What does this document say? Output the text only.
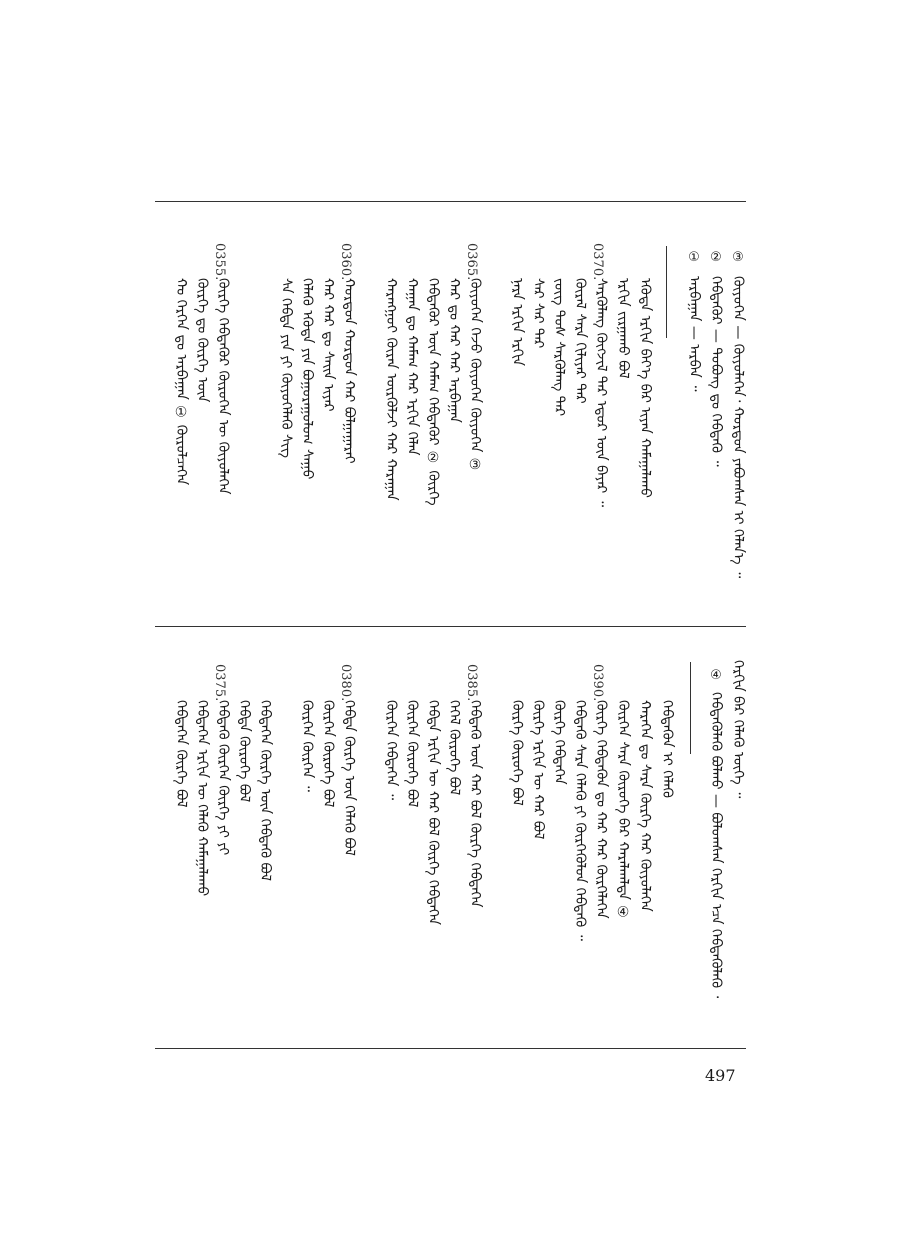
③
②
①
ᠭᠦᠶᠦᠭᠡᠨ — ᠭᠦᠶᠦᠯᠡᠭᠡᠨ᠂ ᠬᠤᠷᠳᠤᠨ ᠶᠠᠪᠤᠭᠰᠠᠨ ᠢ ᠬᠡᠯᠡᠨ᠎ᠡ ᠃
ᠬᠡᠪᠲᠡᠭᠦᠷ — ᠳᠣᠪᠣᠩ ᠳᠤ ᠬᠡᠪᠲᠡᠬᠦ ᠃
ᠠᠷᠪᠠᠭᠠᠨ — ᠠᠷᠪᠠᠨ ᠃
0370.
0365.
0360.
0355.
ᠡᠭᠦᠳᠡ ᠡᠷᠭᠢᠨ ᠪᠡᠶ᠎ᠡ ᠪᠡᠷ ᠢᠶᠠᠨ ᠬᠠᠮᠠᠭᠠᠯᠠᠬᠤ
ᠡᠷᠭᠢᠨ ᠵᠢᠷᠭᠠᠬᠤ ᠪᠣᠯ
ᠰᠡᠷᠭᠦᠯᠡᠩ ᠬᠥᠭᠵᠢᠯ ᠲᠡᠷ ᠡᠳᠦᠷ ᠦᠨ ᠪᠠᠶᠠᠷ ᠃
ᠬᠦᠷᠡᠯ ᠰᠠᠷᠠ ᠬᠢᠯᠢᠶᠠᠷ ᠲᠡᠷ
ᠵᠦᠭ ᠲᠣᠰ ᠰᠡᠷᠭᠦᠯᠡᠩ ᠲᠡᠷ
ᠰᠠᠷ ᠰᠠᠷ ᠲᠡᠷ
ᠨᠠᠷᠠ ᠡᠷᠭᠢᠨ ᠡᠷᠬᠢᠨ
ᠭᠦᠶᠦᠭᠡᠨ ᠭᠡᠵᠦ ᠭᠦᠶᠦᠭᠡᠨ ᠭᠦᠶᠦᠭᠡᠨ ③
ᠬᠠᠷ ᠳᠤ ᠬᠠᠷ ᠬᠠᠷ ᠠᠷᠪᠠᠭᠠᠨ
ᠬᠡᠪᠲᠡᠭᠦᠷ ᠦᠨ ᠬᠠᠮᠠᠭ ᠬᠡᠪᠲᠡᠭᠦᠷ ② ᠬᠦᠷᠭᠡ
ᠬᠠᠭᠠᠨ ᠳᠤ ᠬᠠᠮᠠᠭ ᠬᠠᠷ ᠡᠷᠭᠢᠨ ᠬᠡᠯᠡᠨ
ᠬᠠᠷᠠᠩᠭᠤᠢ ᠬᠦᠷᠡᠨ ᠦᠷᠭᠦᠯᠵᠢ ᠬᠠᠷ ᠬᠠᠷᠠᠭᠠᠨ
ᠬᠤᠷᠳᠤᠨ ᠬᠤᠷᠳᠤᠨ ᠬᠠᠷ ᠪᠣᠯᠭᠠᠭᠠᠷᠠᠢ
ᠬᠠᠷ ᠬᠠᠷ ᠳᠤ ᠰᠠᠢᠨ ᠢᠶᠠᠷ
ᠬᠡᠯᠡᠭᠦ ᠡᠭᠦᠳᠡ ᠶᠢᠨ ᠪᠣᠭᠣᠷᠠᠭᠤᠯᠤᠭ ᠰᠠᠭᠤ
ᠰᠠ ᠬᠡᠪᠲᠡ ᠶᠢᠨ ᠶᠢ ᠭᠦᠶᠦᠭᠡᠯᠡᠬᠦ ᠰᠢᠭ
ᠬᠦᠷᠭᠡ ᠬᠡᠪᠲᠡᠭᠦᠷ ᠬᠦᠷᠦᠭᠡᠨ ᠦ ᠭᠦᠶᠦᠯᠡᠭᠡᠨ
ᠬᠦᠷᠭᠡ ᠳᠤ ᠬᠦᠷᠭᠡ ᠦᠨ
ᠬᠤ ᠬᠡᠷᠭᠡᠨ ᠳᠤ ᠠᠷᠪᠠᠭᠠᠨ ① ᠬᠦᠷᠦᠯᠴᠡᠭᠡᠨ
ᠬᠡᠷᠬᠢᠨ ᠪᠡᠷ ᠬᠡᠯᠡᠬᠦ ᠦᠭᠡ ᠃
④
ᠬᠡᠪᠲᠡᠭᠦᠯᠡᠬᠦ ᠪᠣᠯᠬᠤ — ᠪᠣᠯᠤᠭᠰᠠᠨ ᠬᠡᠷᠬᠢᠨ ᠡᠴᠡ ᠬᠡᠪᠲᠡᠭᠦᠯᠡᠬᠦ ᠂
0390.
0385.
0380.
0375.
ᠬᠡᠪᠲᠡᠭᠦᠨ ᠢ ᠬᠡᠯᠡᠭᠦ
ᠬᠠᠷᠠᠭᠡᠨ ᠳᠤ ᠰᠠᠷᠠ ᠬᠦᠷᠭᠡ ᠬᠠᠷ ᠭᠦᠶᠦᠯᠡᠭᠡᠨ
ᠬᠦᠷᠭᠡᠨ ᠰᠠᠷᠠ ᠬᠦᠷᠦᠭᠡ ᠪᠡᠷ ᠬᠠᠷᠠᠯᠬᠠᠯᠲᠠ ④
ᠬᠦᠷᠭᠡ ᠬᠡᠪᠲᠡᠭᠦᠨ ᠳᠤ ᠬᠠᠷ ᠬᠠᠷ ᠬᠦᠷᠭᠡᠯᠡᠭᠡᠨ
ᠬᠡᠪᠲᠡᠬᠦ ᠰᠠᠷᠠ ᠬᠡᠯᠡᠭᠦ ᠶᠢ ᠬᠦᠷᠭᠡᠭᠦᠯᠦᠨ ᠬᠡᠪᠲᠡᠬᠦ ᠃
ᠬᠦᠷᠭᠡ ᠬᠡᠪᠲᠡᠭᠡᠨ
ᠬᠦᠷᠭᠡ ᠡᠷᠭᠢᠨ ᠦ ᠬᠠᠷ ᠪᠣᠯ
ᠬᠦᠷᠭᠡ ᠬᠦᠷᠦᠭᠡ ᠪᠣᠯ
ᠬᠡᠪᠲᠡᠬᠦ ᠦᠨ ᠬᠠᠷ ᠪᠣᠯ ᠬᠦᠷᠭᠡ ᠬᠡᠪᠲᠡᠭᠡᠨ
ᠬᠡᠭᠡᠯ ᠬᠦᠷᠦᠭᠡ ᠪᠣᠯ
ᠬᠡᠪᠲᠡ ᠡᠷᠭᠢᠨ ᠦ ᠬᠠᠷ ᠪᠣᠯ ᠬᠦᠷᠭᠡ ᠬᠡᠪᠲᠡᠭᠡᠨ
ᠬᠦᠷᠭᠡᠨ ᠬᠦᠷᠦᠭᠡ ᠪᠣᠯ
ᠬᠦᠷᠭᠡᠨ ᠬᠡᠪᠲᠡᠭᠡᠨ ᠃
ᠬᠡᠪᠲᠡ ᠬᠦᠷᠭᠡ ᠦᠨ ᠬᠡᠯᠡᠭᠦ ᠪᠣᠯ
ᠬᠦᠷᠭᠡᠨ ᠬᠦᠷᠦᠭᠡ ᠪᠣᠯ
ᠬᠦᠷᠭᠡᠨ ᠬᠦᠷᠭᠡᠨ ᠃
ᠬᠡᠪᠲᠡᠭᠡᠨ ᠬᠦᠷᠭᠡ ᠦᠨ ᠬᠡᠪᠲᠡᠬᠦ ᠪᠣᠯ
ᠬᠡᠪᠲᠡ ᠬᠦᠷᠦᠭᠡ ᠪᠣᠯ
ᠬᠡᠪᠲᠡᠬᠦ ᠬᠦᠷᠭᠡᠨ ᠬᠦᠷᠭᠡ ᠶᠢ ᠶᠢ
ᠬᠡᠪᠲᠡᠭᠡᠨ ᠡᠷᠭᠢᠨ ᠦ ᠬᠡᠯᠡᠭᠦ ᠬᠠᠮᠠᠭᠠᠯᠠᠬᠤ
ᠬᠡᠪᠲᠡᠭᠡᠨ ᠬᠦᠷᠭᠡ ᠪᠣᠯ
497
